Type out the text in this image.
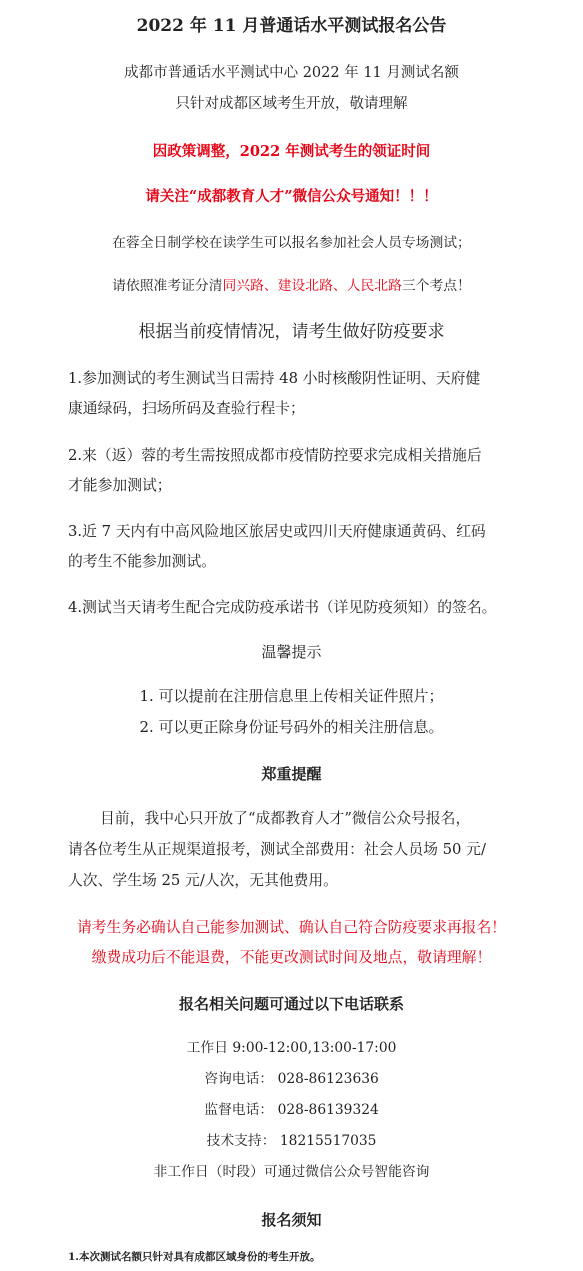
2022 年 11 月普通话水平测试报名公告
成都市普通话水平测试中心 2022 年 11 月测试名额
只针对成都区域考生开放，敬请理解
因政策调整，2022 年测试考生的领证时间
请关注“成都教育人才”微信公众号通知！！！
在蓉全日制学校在读学生可以报名参加社会人员专场测试；
请依照准考证分清同兴路、建设北路、人民北路三个考点！
根据当前疫情情况，请考生做好防疫要求
1.参加测试的考生测试当日需持 48 小时核酸阴性证明、天府健
康通绿码，扫场所码及查验行程卡；
2.来（返）蓉的考生需按照成都市疫情防控要求完成相关措施后
才能参加测试；
3.近 7 天内有中高风险地区旅居史或四川天府健康通黄码、红码
的考生不能参加测试。
4.测试当天请考生配合完成防疫承诺书（详见防疫须知）的签名。
温馨提示
1. 可以提前在注册信息里上传相关证件照片；
2. 可以更正除身份证号码外的相关注册信息。
郑重提醒
目前，我中心只开放了“成都教育人才”微信公众号报名，
请各位考生从正规渠道报考，测试全部费用：社会人员场 50 元/
人次、学生场 25 元/人次，无其他费用。
请考生务必确认自己能参加测试、确认自己符合防疫要求再报名！
缴费成功后不能退费，不能更改测试时间及地点，敬请理解！
报名相关问题可通过以下电话联系
工作日 9:00-12:00,13:00-17:00
咨询电话： 028-86123636
监督电话： 028-86139324
技术支持： 18215517035
非工作日（时段）可通过微信公众号智能咨询
报名须知
1.本次测试名额只针对具有成都区域身份的考生开放。
